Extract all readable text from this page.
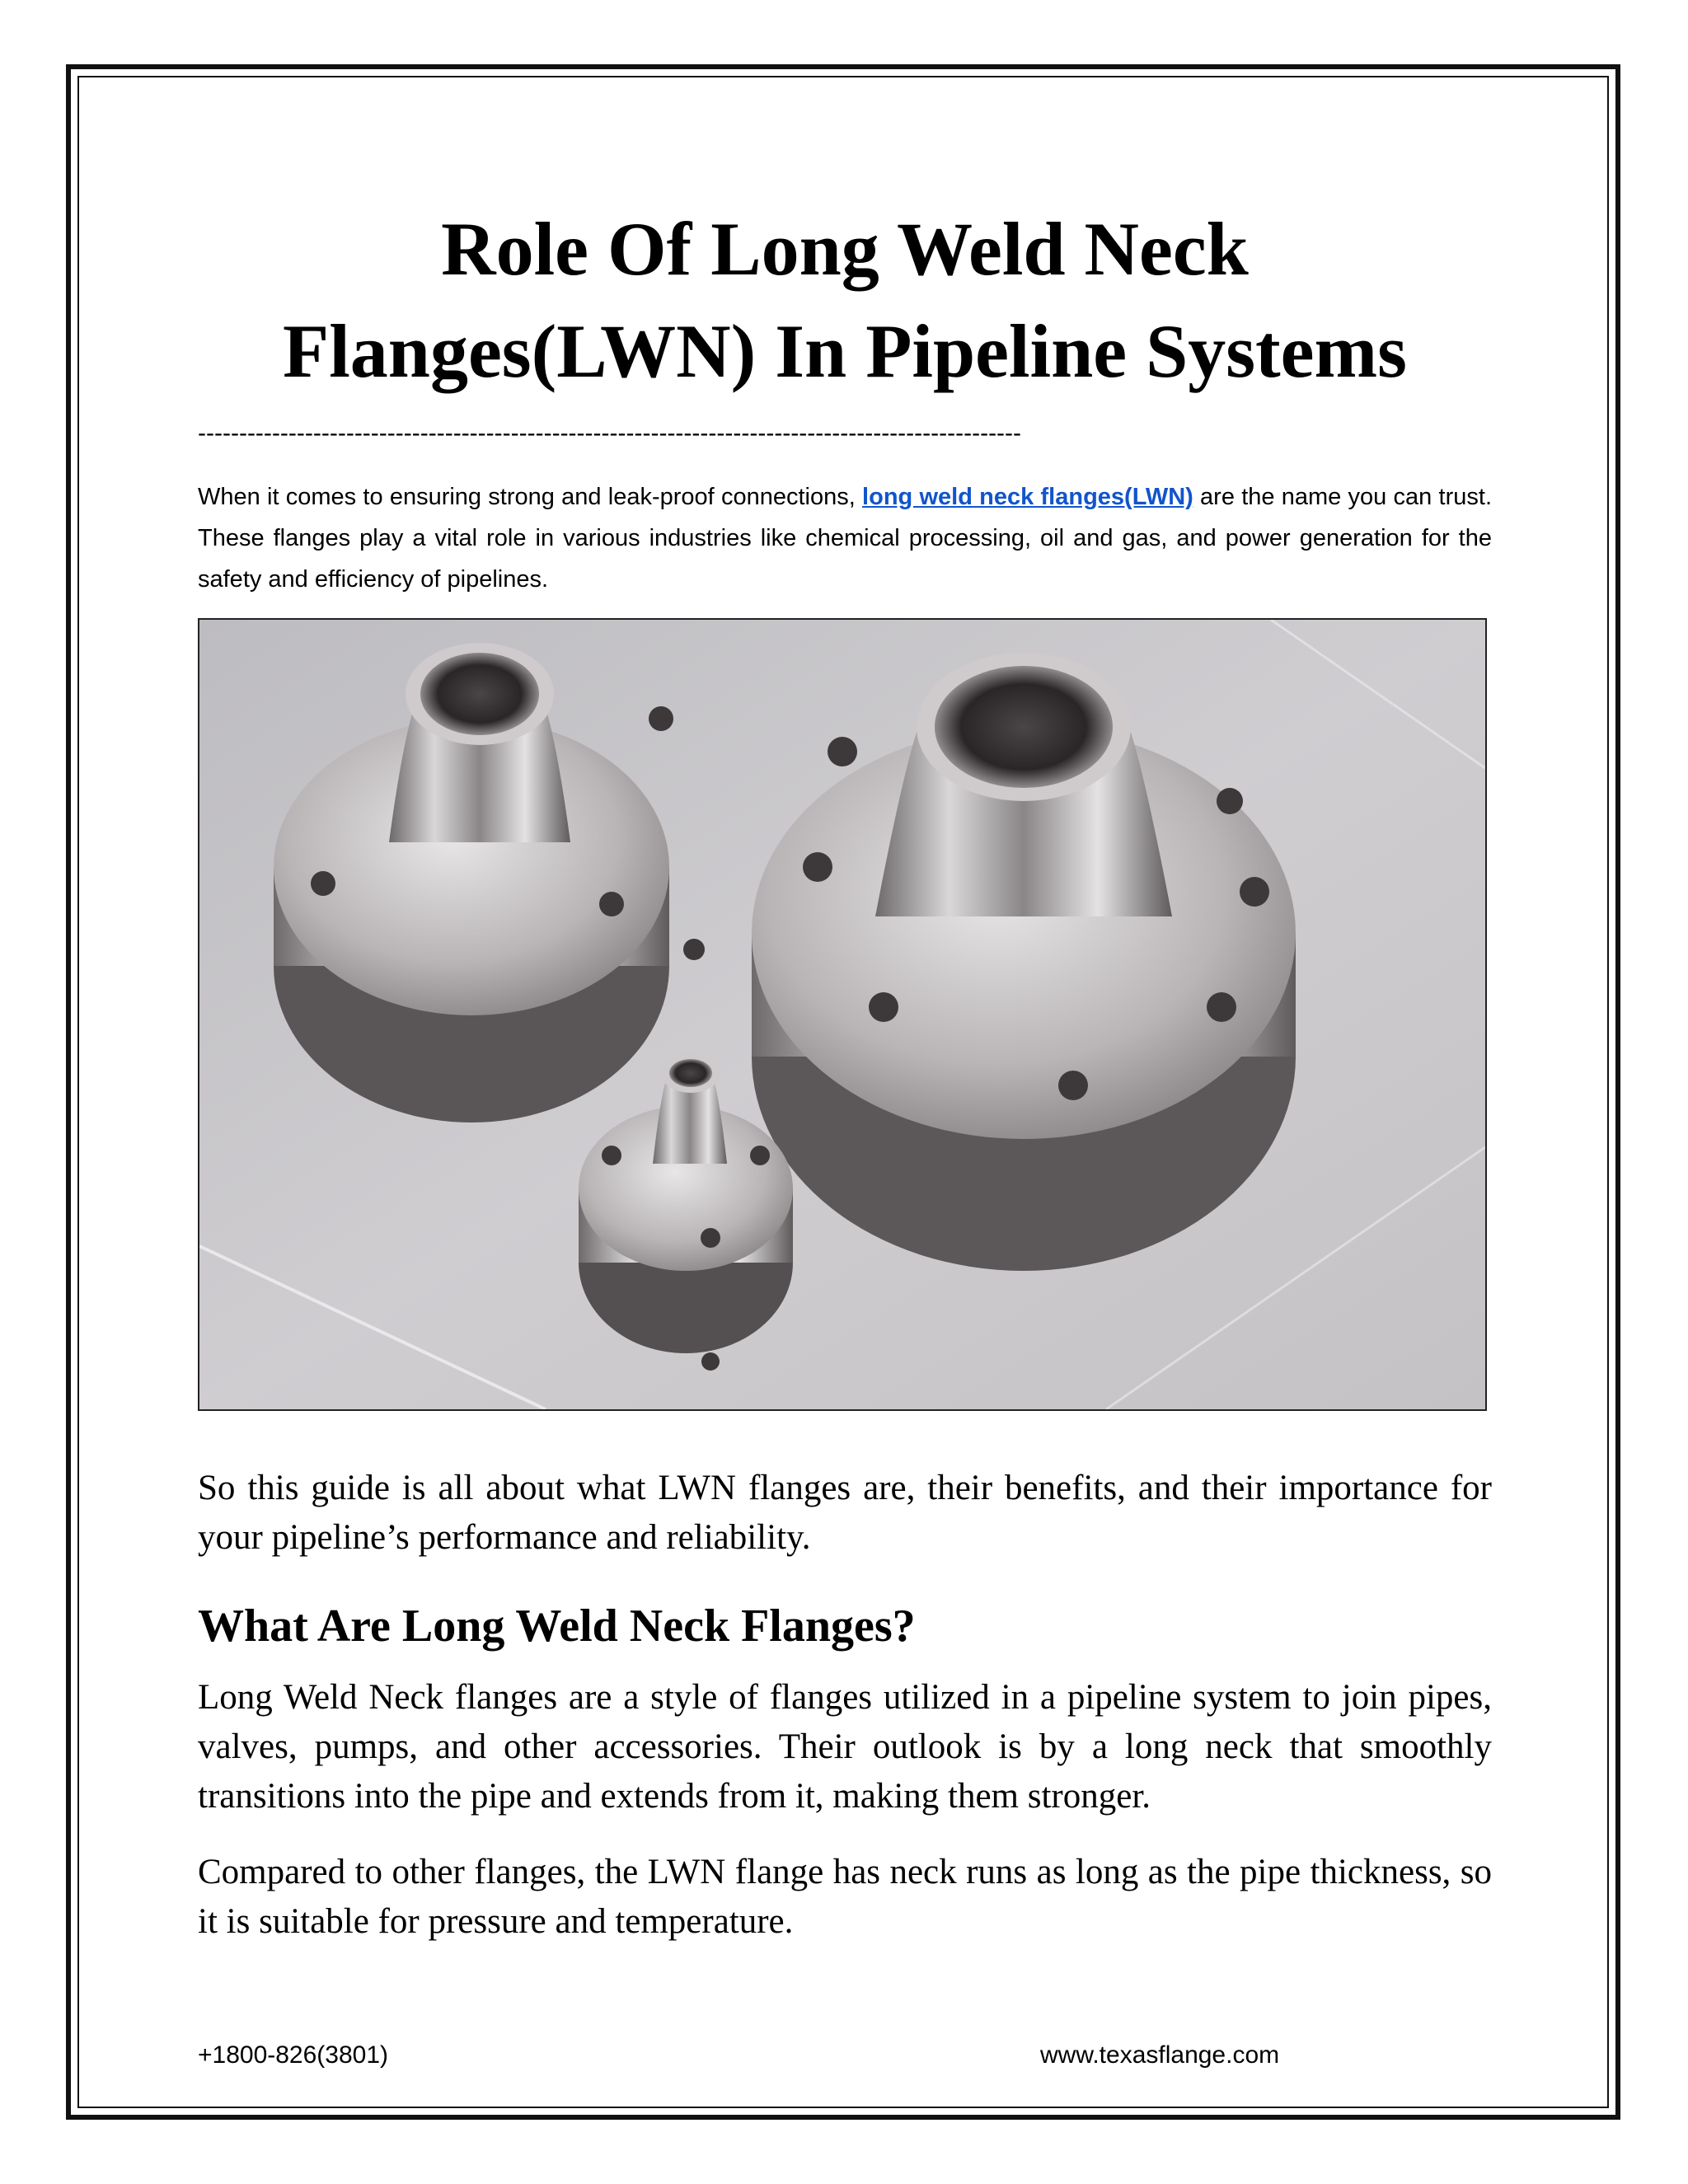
Role Of Long Weld Neck Flanges(LWN) In Pipeline Systems
----------------------------------------------------------------------------------------------------

When it comes to ensuring strong and leak-proof connections, long weld neck flanges(LWN) are the name you can trust. These flanges play a vital role in various industries like chemical processing, oil and gas, and power generation for the safety and efficiency of pipelines.

So this guide is all about what LWN flanges are, their benefits, and their importance for your pipeline’s performance and reliability.

What Are Long Weld Neck Flanges?

Long Weld Neck flanges are a style of flanges utilized in a pipeline system to join pipes, valves, pumps, and other accessories. Their outlook is by a long neck that smoothly transitions into the pipe and extends from it, making them stronger.

Compared to other flanges, the LWN flange has neck runs as long as the pipe thickness, so it is suitable for pressure and temperature.

+1800-826(3801)	www.texasflange.com
